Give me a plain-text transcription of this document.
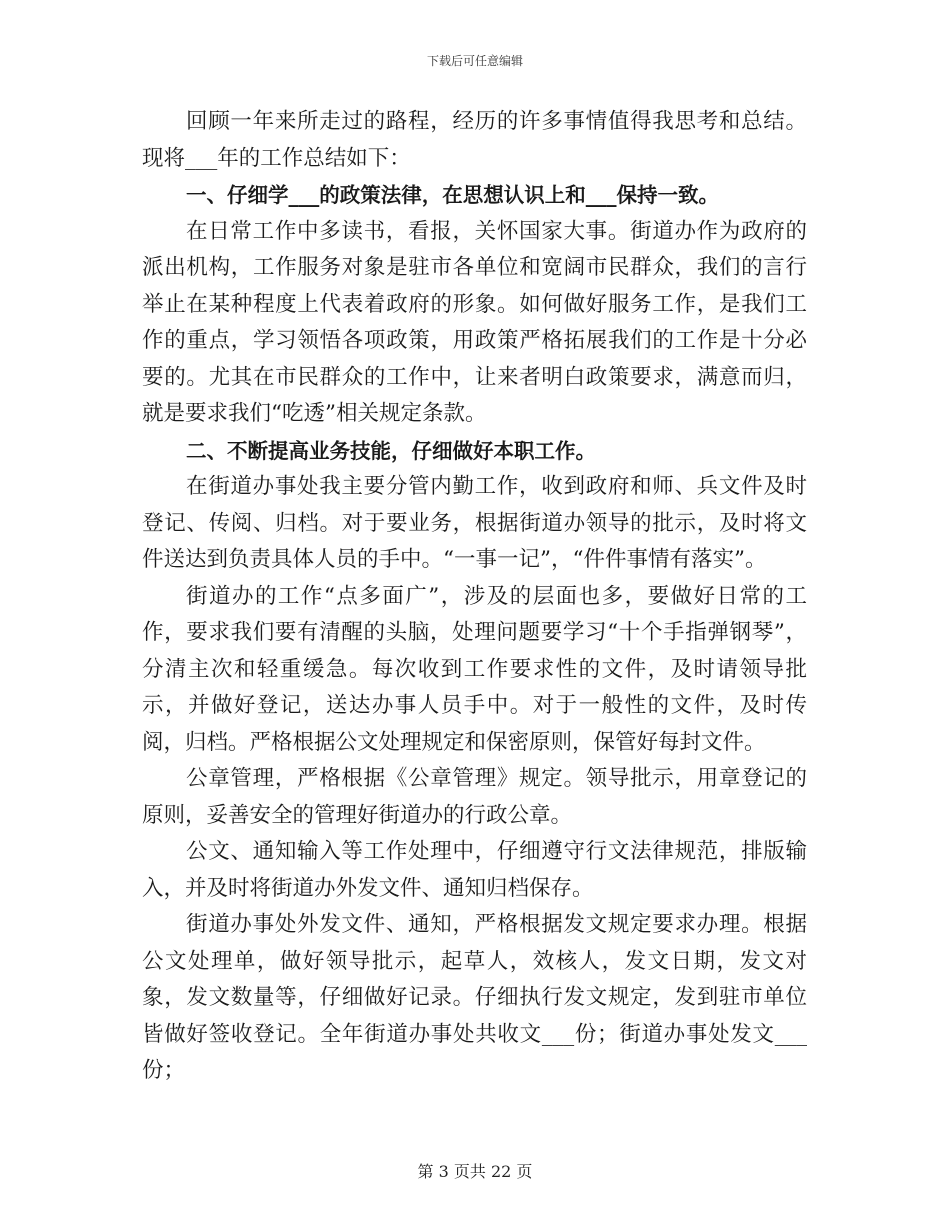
下载后可任意编辑

回顾一年来所走过的路程，经历的许多事情值得我思考和总结。现将___年的工作总结如下：

一、仔细学___的政策法律，在思想认识上和___保持一致。

在日常工作中多读书，看报，关怀国家大事。街道办作为政府的派出机构，工作服务对象是驻市各单位和宽阔市民群众，我们的言行举止在某种程度上代表着政府的形象。如何做好服务工作，是我们工作的重点，学习领悟各项政策，用政策严格拓展我们的工作是十分必要的。尤其在市民群众的工作中，让来者明白政策要求，满意而归，就是要求我们“吃透”相关规定条款。

二、不断提高业务技能，仔细做好本职工作。

在街道办事处我主要分管内勤工作，收到政府和师、兵文件及时登记、传阅、归档。对于要业务，根据街道办领导的批示，及时将文件送达到负责具体人员的手中。“一事一记”，“件件事情有落实”。

街道办的工作“点多面广”，涉及的层面也多，要做好日常的工作，要求我们要有清醒的头脑，处理问题要学习“十个手指弹钢琴”，分清主次和轻重缓急。每次收到工作要求性的文件，及时请领导批示，并做好登记，送达办事人员手中。对于一般性的文件，及时传阅，归档。严格根据公文处理规定和保密原则，保管好每封文件。

公章管理，严格根据《公章管理》规定。领导批示，用章登记的原则，妥善安全的管理好街道办的行政公章。

公文、通知输入等工作处理中，仔细遵守行文法律规范，排版输入，并及时将街道办外发文件、通知归档保存。

街道办事处外发文件、通知，严格根据发文规定要求办理。根据公文处理单，做好领导批示，起草人，效核人，发文日期，发文对象，发文数量等，仔细做好记录。仔细执行发文规定，发到驻市单位皆做好签收登记。全年街道办事处共收文___份；街道办事处发文___份；

第 3 页共 22 页
